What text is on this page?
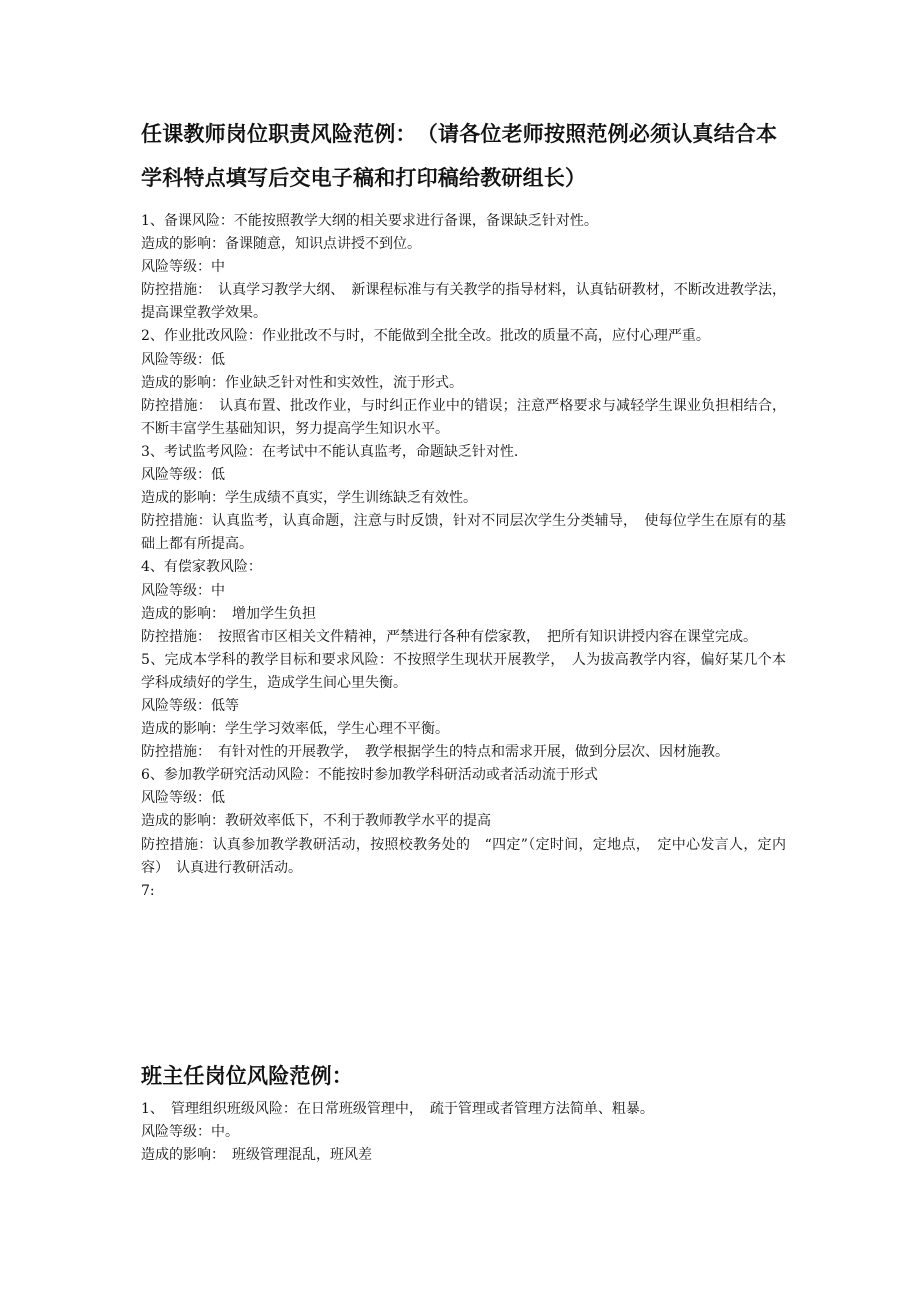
任课教师岗位职责风险范例：　（请各位老师按照范例必须认真结合本学科特点填写后交电子稿和打印稿给教研组长）

1、备课风险：不能按照教学大纲的相关要求进行备课，备课缺乏针对性。

造成的影响：备课随意，知识点讲授不到位。

风险等级：中

防控措施：　认真学习教学大纲、　新课程标准与有关教学的指导材料，认真钻研教材，不断改进教学法，提高课堂教学效果。

2、作业批改风险：作业批改不与时，不能做到全批全改。批改的质量不高，应付心理严重。

风险等级：低

造成的影响：作业缺乏针对性和实效性，流于形式。

防控措施：　认真布置、批改作业，与时纠正作业中的错误；注意严格要求与减轻学生课业负担相结合，不断丰富学生基础知识，努力提高学生知识水平。

3、考试监考风险：在考试中不能认真监考，命题缺乏针对性.

风险等级：低

造成的影响：学生成绩不真实，学生训练缺乏有效性。

防控措施：认真监考，认真命题，注意与时反馈，针对不同层次学生分类辅导，　使每位学生在原有的基础上都有所提高。

4、有偿家教风险：

风险等级：中

造成的影响：　增加学生负担

防控措施：　按照省市区相关文件精神，严禁进行各种有偿家教，　把所有知识讲授内容在课堂完成。

5、完成本学科的教学目标和要求风险：不按照学生现状开展教学，　人为拔高教学内容，偏好某几个本学科成绩好的学生，造成学生间心里失衡。

风险等级：低等

造成的影响：学生学习效率低，学生心理不平衡。

防控措施：　有针对性的开展教学，　教学根据学生的特点和需求开展，做到分层次、因材施教。

6、参加教学研究活动风险：不能按时参加教学科研活动或者活动流于形式

风险等级：低

造成的影响：教研效率低下，不利于教师教学水平的提高

防控措施：认真参加教学教研活动，按照校教务处的　“四定”（定时间，定地点，　定中心发言人，定内容）　认真进行教研活动。

7:

班主任岗位风险范例：

1、　管理组织班级风险：在日常班级管理中，　疏于管理或者管理方法简单、粗暴。

风险等级：中。

造成的影响：　班级管理混乱，班风差
